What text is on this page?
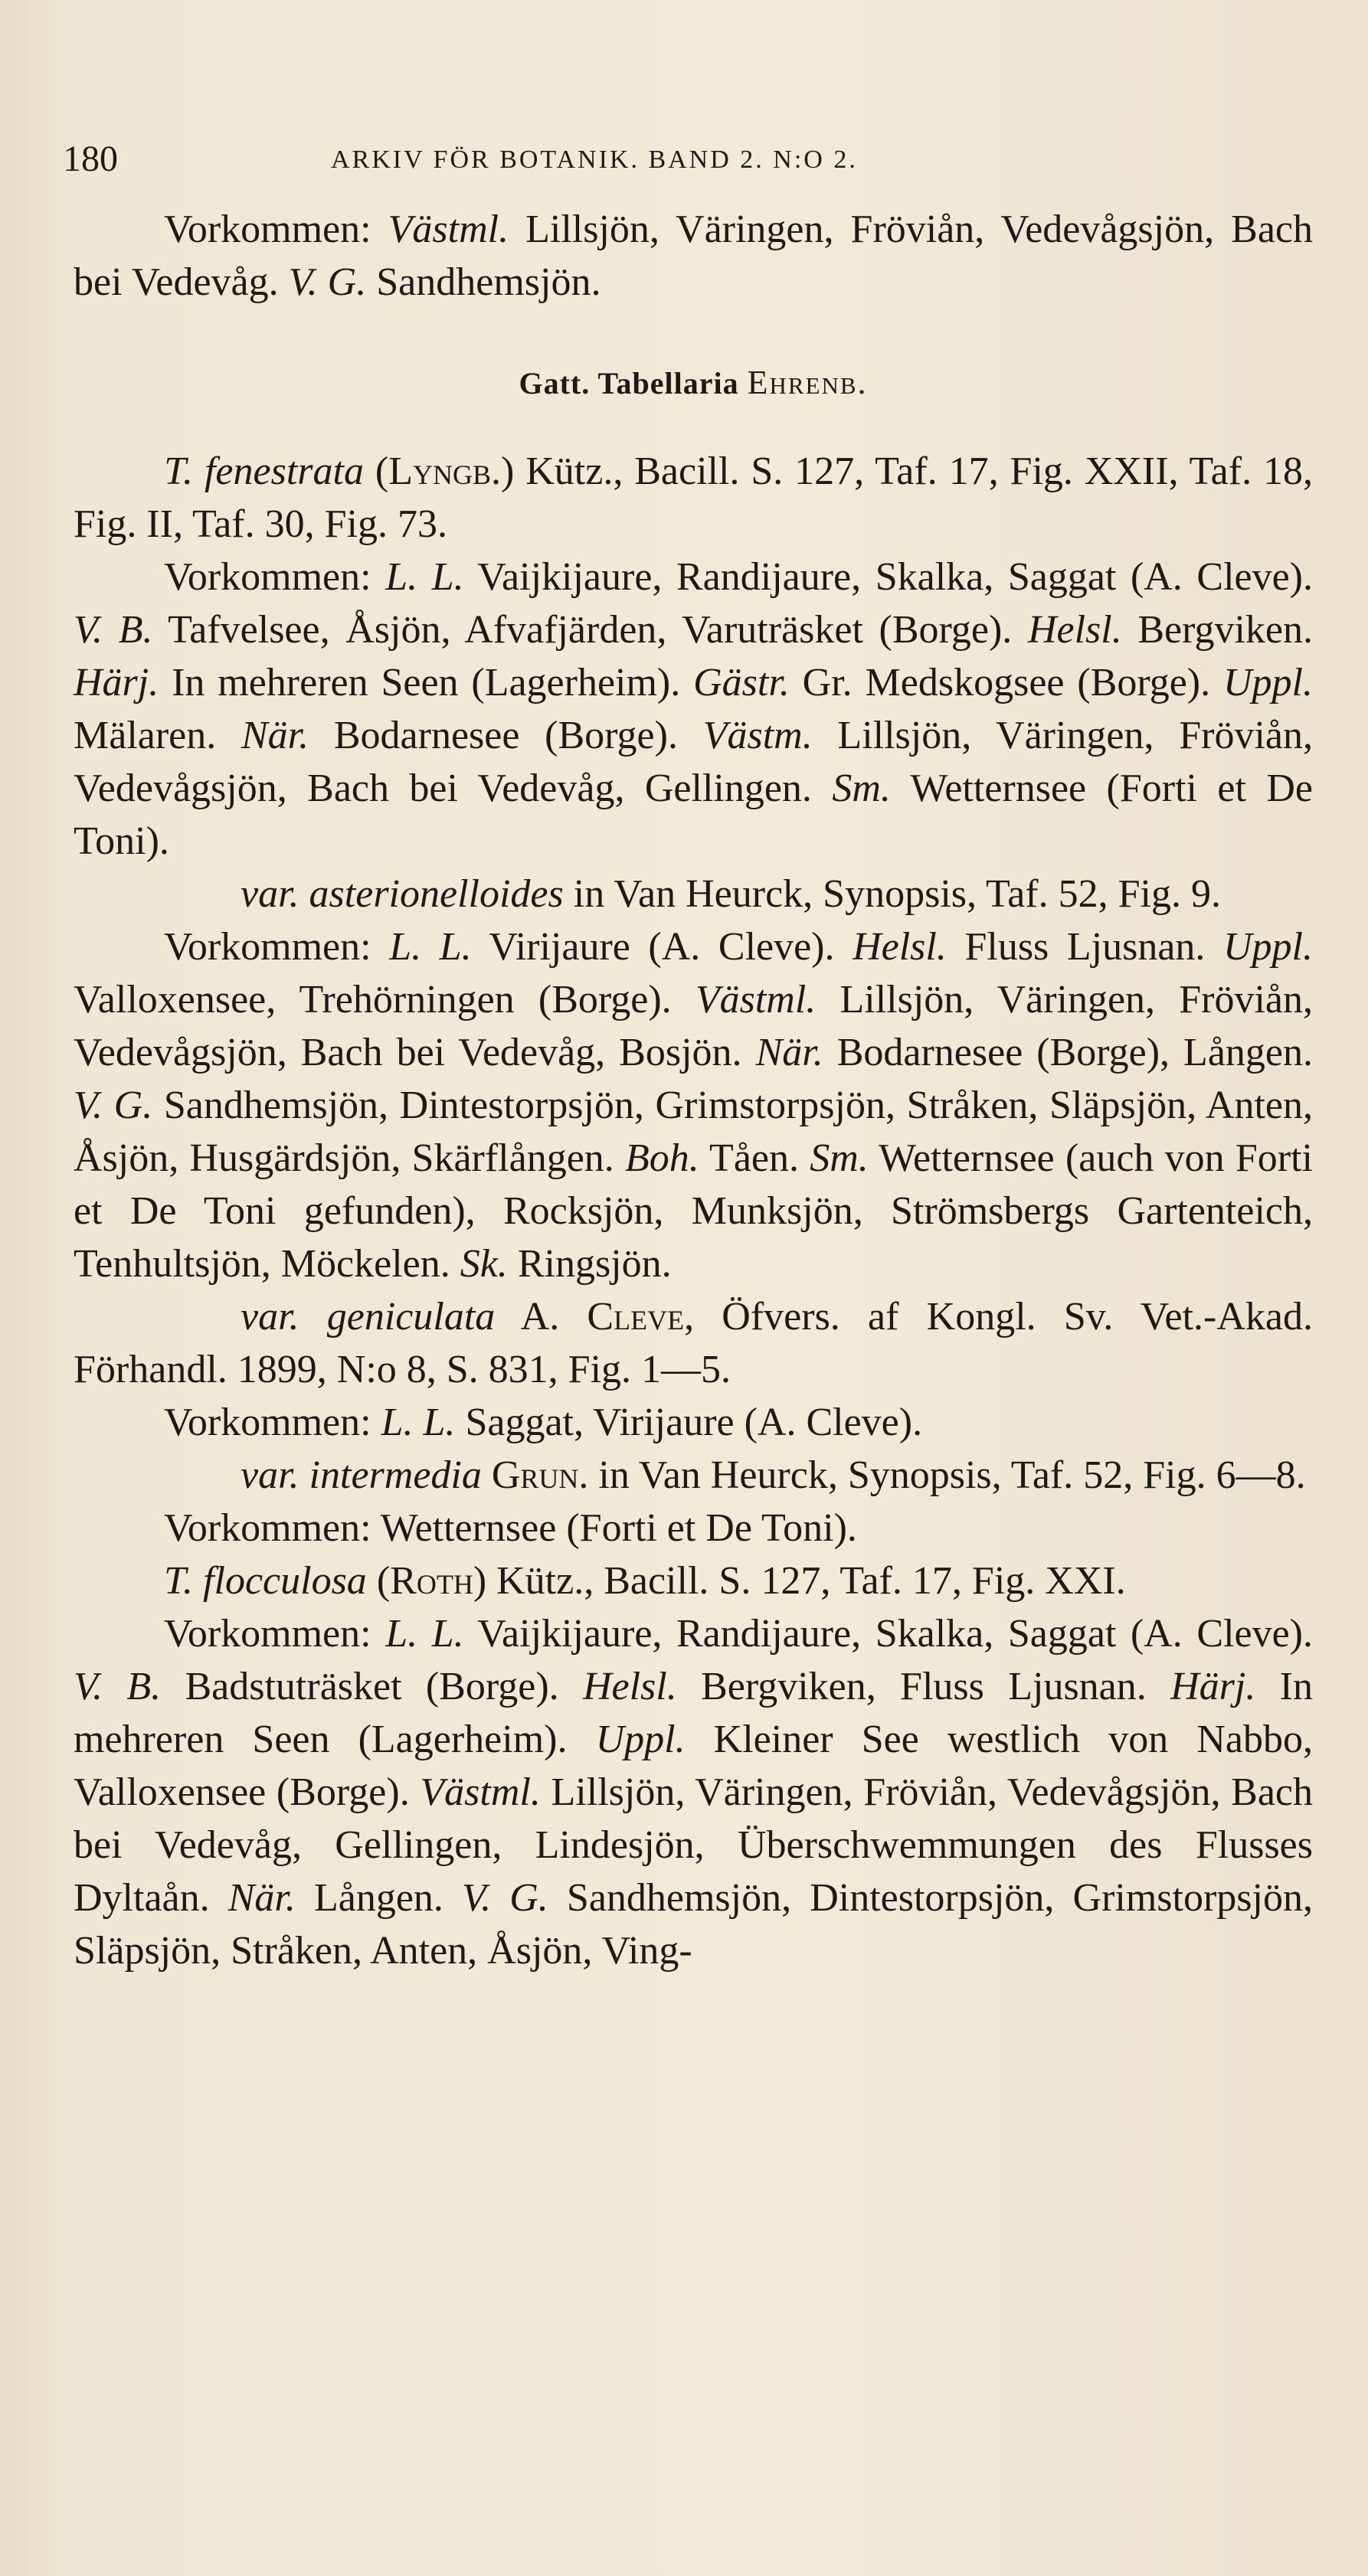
180	ARKIV FÖR BOTANIK. BAND 2. N:O 2.

Vorkommen: Västml. Lillsjön, Väringen, Fröviån, Vedevågsjön, Bach bei Vedevåg. V. G. Sandhemsjön.

Gatt. Tabellaria Ehrenb.

T. fenestrata (Lyngb.) Kütz., Bacill. S. 127, Taf. 17, Fig. XXII, Taf. 18, Fig. II, Taf. 30, Fig. 73.

Vorkommen: L. L. Vaijkijaure, Randijaure, Skalka, Saggat (A. Cleve). V. B. Tafvelsee, Åsjön, Afvafjärden, Varuträsket (Borge). Helsl. Bergviken. Härj. In mehreren Seen (Lagerheim). Gästr. Gr. Medskogsee (Borge). Uppl. Mälaren. När. Bodarnesee (Borge). Västm. Lillsjön, Väringen, Fröviån, Vedevågsjön, Bach bei Vedevåg, Gellingen. Sm. Wetternsee (Forti et De Toni).

var. asterionelloides in Van Heurck, Synopsis, Taf. 52, Fig. 9.

Vorkommen: L. L. Virijaure (A. Cleve). Helsl. Fluss Ljusnan. Uppl. Valloxensee, Trehörningen (Borge). Västml. Lillsjön, Väringen, Fröviån, Vedevågsjön, Bach bei Vedevåg, Bosjön. När. Bodarnesee (Borge), Lången. V. G. Sandhemsjön, Dintestorpsjön, Grimstorpsjön, Stråken, Släpsjön, Anten, Åsjön, Husgärdsjön, Skärflången. Boh. Tåen. Sm. Wetternsee (auch von Forti et De Toni gefunden), Rocksjön, Munksjön, Strömsbergs Gartenteich, Tenhultsjön, Möckelen. Sk. Ringsjön.

var. geniculata A. Cleve, Öfvers. af Kongl. Sv. Vet.-Akad. Förhandl. 1899, N:o 8, S. 831, Fig. 1—5.

Vorkommen: L. L. Saggat, Virijaure (A. Cleve).

var. intermedia Grun. in Van Heurck, Synopsis, Taf. 52, Fig. 6—8.

Vorkommen: Wetternsee (Forti et De Toni).

T. flocculosa (Roth) Kütz., Bacill. S. 127, Taf. 17, Fig. XXI.

Vorkommen: L. L. Vaijkijaure, Randijaure, Skalka, Saggat (A. Cleve). V. B. Badstuträsket (Borge). Helsl. Bergviken, Fluss Ljusnan. Härj. In mehreren Seen (Lagerheim). Uppl. Kleiner See westlich von Nabbo, Valloxensee (Borge). Västml. Lillsjön, Väringen, Fröviån, Vedevågsjön, Bach bei Vedevåg, Gellingen, Lindesjön, Überschwemmungen des Flusses Dyltaån. När. Lången. V. G. Sandhemsjön, Dintestorpsjön, Grimstorpsjön, Släpsjön, Stråken, Anten, Åsjön, Ving-
